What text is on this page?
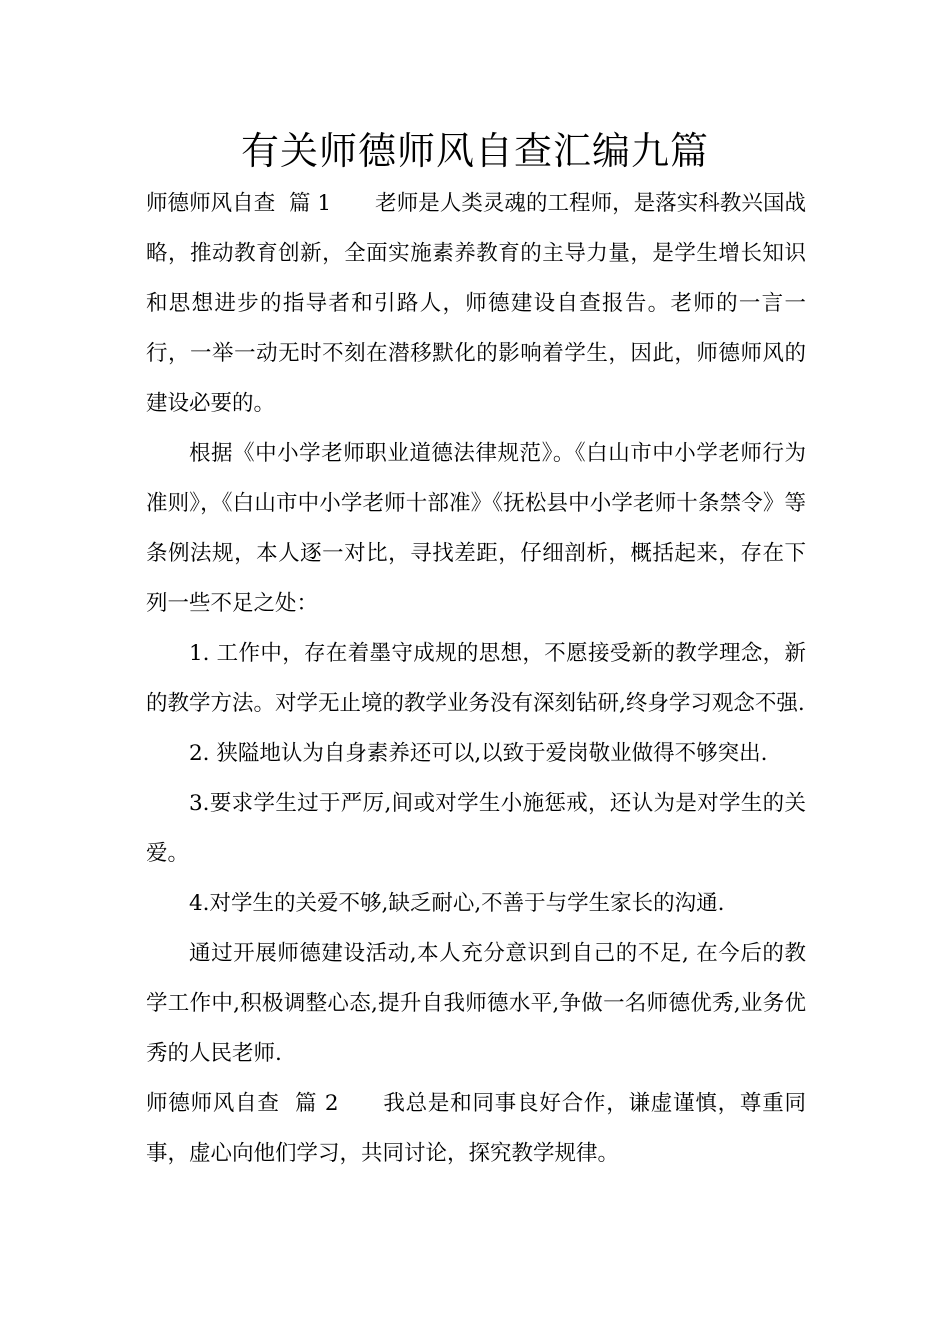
有关师德师风自查汇编九篇

师德师风自查  篇 1 老师是人类灵魂的工程师，是落实科教兴国战略，推动教育创新，全面实施素养教育的主导力量，是学生增长知识和思想进步的指导者和引路人，师德建设自查报告。老师的一言一行，一举一动无时不刻在潜移默化的影响着学生，因此，师德师风的建设必要的。

根据《中小学老师职业道德法律规范》。《白山市中小学老师行为准则》，《白山市中小学老师十部准》《抚松县中小学老师十条禁令》等条例法规，本人逐一对比，寻找差距，仔细剖析，概括起来，存在下列一些不足之处：

1. 工作中，存在着墨守成规的思想，不愿接受新的教学理念，新的教学方法。对学无止境的教学业务没有深刻钻研,终身学习观念不强.

2. 狭隘地认为自身素养还可以,以致于爱岗敬业做得不够突出.

3.要求学生过于严厉,间或对学生小施惩戒，还认为是对学生的关爱。

4.对学生的关爱不够,缺乏耐心,不善于与学生家长的沟通.

通过开展师德建设活动,本人充分意识到自己的不足, 在今后的教学工作中,积极调整心态,提升自我师德水平,争做一名师德优秀,业务优秀的人民老师.

师德师风自查  篇 2 我总是和同事良好合作，谦虚谨慎，尊重同事，虚心向他们学习，共同讨论，探究教学规律。
